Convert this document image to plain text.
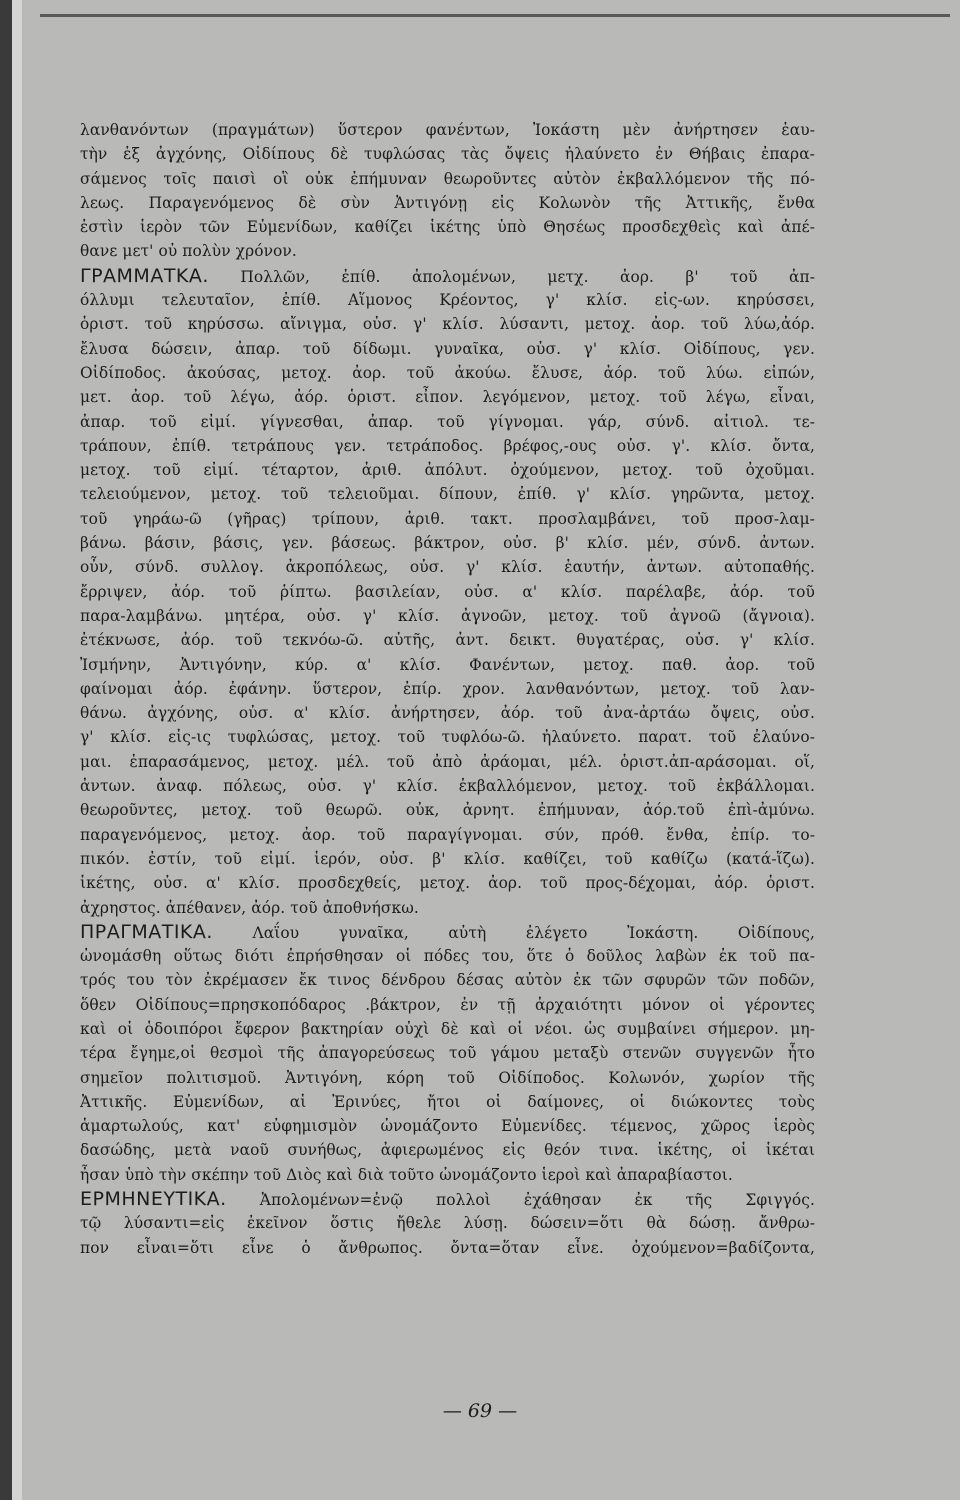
λανθανόντων (πραγμάτων) ὕστερον φανέντων, Ἰοκάστη μὲν ἀνήρτησεν ἑαυ-
τὴν ἐξ ἀγχόνης, Οἰδίπους δὲ τυφλώσας τὰς ὄψεις ἠλαύνετο ἐν Θήβαις ἐπαρα-
σάμενος τοῖς παισὶ οἳ οὐκ ἐπήμυναν θεωροῦντες αὐτὸν ἐκβαλλόμενον τῆς πό-
λεως. Παραγενόμενος δὲ σὺν Ἀντιγόνῃ εἰς Κολωνὸν τῆς Ἀττικῆς, ἔνθα
ἐστὶν ἱερὸν τῶν Εὐμενίδων, καθίζει ἱκέτης ὑπὸ Θησέως προσδεχθεὶς καὶ ἀπέ-
θανε μετ' οὐ πολὺν χρόνον.
ΓΡΑΜΜΑΤΚΑ. Πολλῶν, ἐπίθ. ἀπολομένων, μετχ. ἀορ. β' τοῦ ἀπ-
όλλυμι τελευταῖον, ἐπίθ. Αἵμονος Κρέοντος, γ' κλίσ. εἰς-ων. κηρύσσει,
ὁριστ. τοῦ κηρύσσω. αἴνιγμα, οὐσ. γ' κλίσ. λύσαντι, μετοχ. ἀορ. τοῦ λύω,ἀόρ.
ἔλυσα δώσειν, ἀπαρ. τοῦ δίδωμι. γυναῖκα, οὐσ. γ' κλίσ. Οἰδίπους, γεν.
Οἰδίποδος. ἀκούσας, μετοχ. ἀορ. τοῦ ἀκούω. ἔλυσε, ἀόρ. τοῦ λύω. εἰπών,
μετ. ἀορ. τοῦ λέγω, ἀόρ. ὁριστ. εἶπον. λεγόμενον, μετοχ. τοῦ λέγω, εἶναι,
ἀπαρ. τοῦ εἰμί. γίγνεσθαι, ἀπαρ. τοῦ γίγνομαι. γάρ, σύνδ. αἰτιολ. τε-
τράπουν, ἐπίθ. τετράπους γεν. τετράποδος. βρέφος,-ους οὐσ. γ'. κλίσ. ὄντα,
μετοχ. τοῦ εἰμί. τέταρτον, ἀριθ. ἀπόλυτ. ὀχούμενον, μετοχ. τοῦ ὀχοῦμαι.
τελειούμενον, μετοχ. τοῦ τελειοῦμαι. δίπουν, ἐπίθ. γ' κλίσ. γηρῶντα, μετοχ.
τοῦ γηράω-ῶ (γῆρας) τρίπουν, ἀριθ. τακτ. προσλαμβάνει, τοῦ προσ-λαμ-
βάνω. βάσιν, βάσις, γεν. βάσεως. βάκτρον, οὐσ. β' κλίσ. μέν, σύνδ. ἀντων.
οὖν, σύνδ. συλλογ. ἀκροπόλεως, οὐσ. γ' κλίσ. ἑαυτήν, ἀντων. αὐτοπαθής.
ἔρριψεν, ἀόρ. τοῦ ῥίπτω. βασιλείαν, οὐσ. α' κλίσ. παρέλαβε, ἀόρ. τοῦ
παρα-λαμβάνω. μητέρα, οὐσ. γ' κλίσ. ἀγνοῶν, μετοχ. τοῦ ἀγνοῶ (ἄγνοια).
ἐτέκνωσε, ἀόρ. τοῦ τεκνόω-ῶ. αὐτῆς, ἀντ. δεικτ. θυγατέρας, οὐσ. γ' κλίσ.
Ἰσμήνην, Ἀντιγόνην, κύρ. α' κλίσ. Φανέντων, μετοχ. παθ. ἀορ. τοῦ
φαίνομαι ἀόρ. ἐφάνην. ὕστερον, ἐπίρ. χρον. λανθανόντων, μετοχ. τοῦ λαν-
θάνω. ἀγχόνης, οὐσ. α' κλίσ. ἀνήρτησεν, ἀόρ. τοῦ ἀνα-ἀρτάω ὄψεις, οὐσ.
γ' κλίσ. εἰς-ις τυφλώσας, μετοχ. τοῦ τυφλόω-ῶ. ἠλαύνετο. παρατ. τοῦ ἐλαύνο-
μαι. ἐπαρασάμενος, μετοχ. μέλ. τοῦ ἀπὸ ἀράομαι, μέλ. ὁριστ.ἀπ-αράσομαι. οἵ,
ἀντων. ἀναφ. πόλεως, οὐσ. γ' κλίσ. ἐκβαλλόμενον, μετοχ. τοῦ ἐκβάλλομαι.
θεωροῦντες, μετοχ. τοῦ θεωρῶ. οὐκ, ἀρνητ. ἐπήμυναν, ἀόρ.τοῦ ἐπὶ-ἀμύνω.
παραγενόμενος, μετοχ. ἀορ. τοῦ παραγίγνομαι. σύν, πρόθ. ἔνθα, ἐπίρ. το-
πικόν. ἐστίν, τοῦ εἰμί. ἱερόν, οὐσ. β' κλίσ. καθίζει, τοῦ καθίζω (κατά-ἵζω).
ἱκέτης, οὐσ. α' κλίσ. προσδεχθείς, μετοχ. ἀορ. τοῦ προς-δέχομαι, ἀόρ. ὁριστ.
ἀχρηστος. ἀπέθανεν, ἀόρ. τοῦ ἀποθνήσκω.
ΠΡΑΓΜΑΤΙΚΑ.	Λαΐου γυναῖκα, αὐτὴ ἐλέγετο Ἰοκάστη. Οἰδίπους,
ὠνομάσθη οὕτως διότι ἐπρήσθησαν οἱ πόδες του, ὅτε ὁ δοῦλος λαβὼν ἐκ τοῦ πα-
τρός του τὸν ἐκρέμασεν ἔκ τινος δένδρου δέσας αὐτὸν ἐκ τῶν σφυρῶν τῶν ποδῶν,
ὅθεν Οἰδίπους=πρησκοπόδαρος .βάκτρον, ἐν τῇ ἀρχαιότητι μόνον οἱ γέροντες
καὶ οἱ ὁδοιπόροι ἔφερον βακτηρίαν οὐχὶ δὲ καὶ οἱ νέοι. ὡς συμβαίνει σήμερον. μη-
τέρα ἔγημε,οἱ θεσμοὶ τῆς ἀπαγορεύσεως τοῦ γάμου μεταξὺ στενῶν συγγενῶν ἦτο
σημεῖον πολιτισμοῦ. Ἀντιγόνη, κόρη τοῦ Οἰδίποδος. Κολωνόν, χωρίον τῆς
Ἀττικῆς. Εὐμενίδων, αἱ Ἐρινύες, ἤτοι οἱ δαίμονες, οἱ διώκοντες τοὺς
ἁμαρτωλούς, κατ' εὐφημισμὸν ὠνομάζοντο Εὐμενίδες. τέμενος, χῶρος ἱερὸς
δασώδης, μετὰ ναοῦ συνήθως, ἀφιερωμένος εἰς θεόν τινα. ἱκέτης, οἱ ἱκέται
ἦσαν ὑπὸ τὴν σκέπην τοῦ Διὸς καὶ διὰ τοῦτο ὠνομάζοντο ἱεροὶ καὶ ἀπαραβίαστοι.
ΕΡΜΗΝΕΥΤΙΚΑ. Ἀπολομένων=ἐνῷ πολλοὶ ἐχάθησαν ἐκ τῆς Σφιγγός.
τῷ λύσαντι=εἰς ἐκεῖνον ὅστις ἤθελε λύσῃ. δώσειν=ὅτι θὰ δώσῃ. ἄνθρω-
πον εἶναι=ὅτι εἶνε ὁ ἄνθρωπος. ὄντα=ὅταν εἶνε. ὀχούμενον=βαδίζοντα,
— 69 —
